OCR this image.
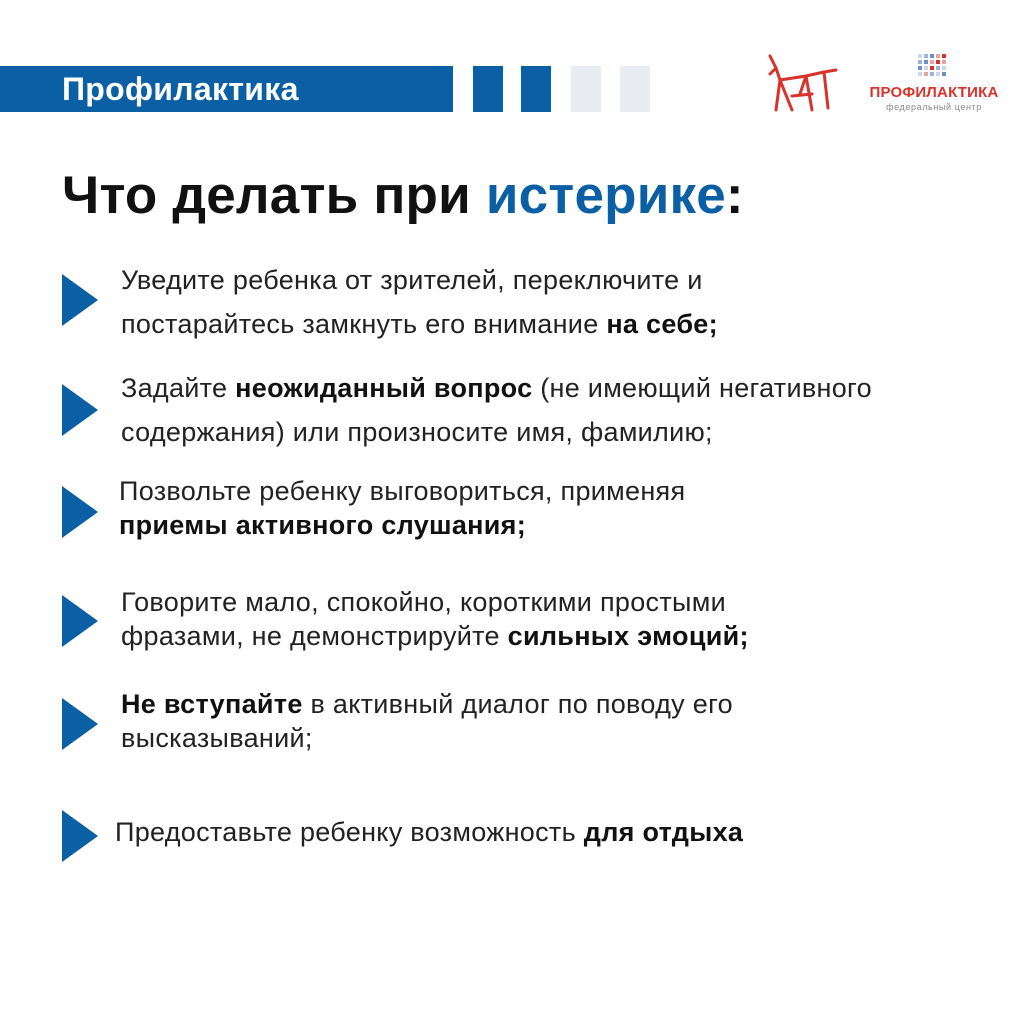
Профилактика	ПРОФИЛАКТИКА
федеральный центр
Что делать при истерике:
Уведите ребенка от зрителей, переключите и
постарайтесь замкнуть его внимание на себе;
Задайте неожиданный вопрос (не имеющий негативного
содержания) или произносите имя, фамилию;
Позвольте ребенку выговориться, применяя
приемы активного слушания;
Говорите мало, спокойно, короткими простыми
фразами, не демонстрируйте сильных эмоций;
Не вступайте в активный диалог по поводу его
высказываний;
Предоставьте ребенку возможность для отдыха
